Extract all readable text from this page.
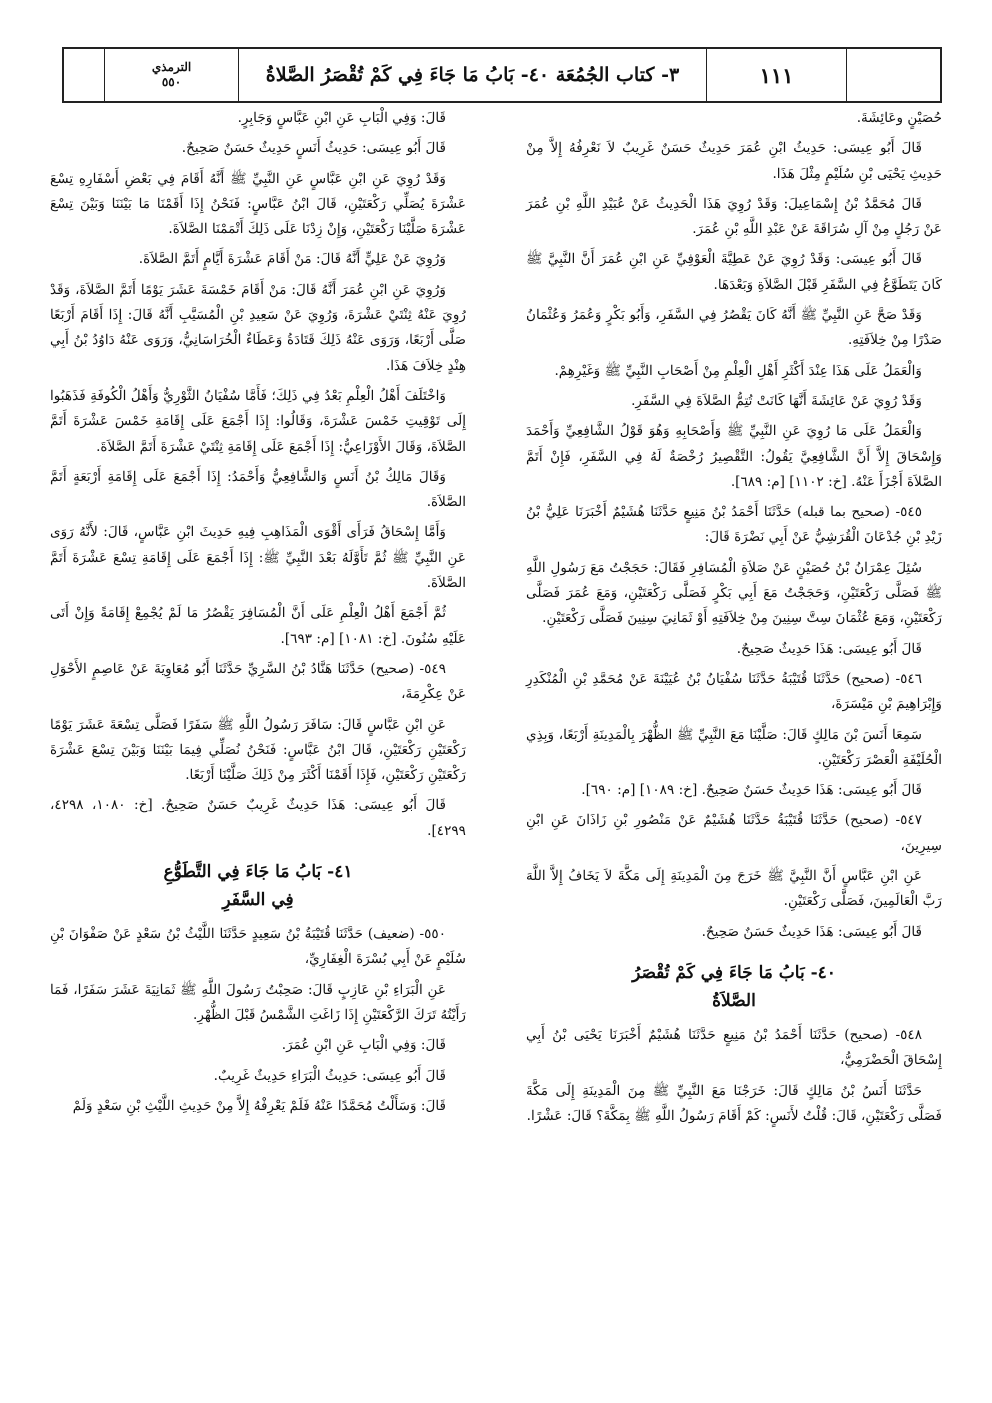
١١١
٣- كتاب الجُمُعَة ٤٠- بَابُ مَا جَاءَ فِي كَمْ تُقْصَرُ الصَّلاةُ
الترمذي
٥٥٠

حُصَيْنٍ وعَائِشَةَ.

قَالَ أَبُو عِيسَى: حَدِيثُ ابْنِ عُمَرَ حَدِيثٌ حَسَنٌ غَرِيبٌ لاَ نَعْرِفُهُ إِلاَّ مِنْ حَدِيثِ يَحْيَى بْنِ سُلَيْمٍ مِثْلَ هَذَا.

قَالَ مُحَمَّدُ بْنُ إِسْمَاعِيلَ: وَقَدْ رُوِيَ هَذَا الْحَدِيثُ عَنْ عُبَيْدِ اللَّهِ بْنِ عُمَرَ عَنْ رَجُلٍ مِنْ آلِ سُرَاقَةَ عَنْ عَبْدِ اللَّهِ بْنِ عُمَرَ.

قَالَ أَبُو عِيسَى: وَقَدْ رُوِيَ عَنْ عَطِيَّةَ الْعَوْفِيِّ عَنِ ابْنِ عُمَرَ أَنَّ النَّبِيَّ ﷺ كَانَ يَتَطَوَّعُ فِي السَّفَرِ قَبْلَ الصَّلاَةِ وَبَعْدَهَا.

وَقَدْ صَحَّ عَنِ النَّبِيِّ ﷺ أَنَّهُ كَانَ يَقْصُرُ فِي السَّفَرِ، وَأَبُو بَكْرٍ وَعُمَرُ وَعُثْمَانُ صَدْرًا مِنْ خِلاَفَتِهِ.

وَالْعَمَلُ عَلَى هَذَا عِنْدَ أَكْثَرِ أَهْلِ الْعِلْمِ مِنْ أَصْحَابِ النَّبِيِّ ﷺ وَغَيْرِهِمْ.

وَقَدْ رُوِيَ عَنْ عَائِشَةَ أَنَّهَا كَانَتْ تُتِمُّ الصَّلاَةَ فِي السَّفَرِ.

وَالْعَمَلُ عَلَى مَا رُوِيَ عَنِ النَّبِيِّ ﷺ وَأَصْحَابِهِ وَهُوَ قَوْلُ الشَّافِعِيِّ وَأَحْمَدَ وَإِسْحَاقَ إِلاَّ أَنَّ الشَّافِعِيَّ يَقُولُ: التَّقْصِيرُ رُخْصَةٌ لَهُ فِي السَّفَرِ، فَإِنْ أَتَمَّ الصَّلاَةَ أَجْزَأَ عَنْهُ. [خ: ١١٠٢] [م: ٦٨٩].

٥٤٥- (صحيح بما قبله) حَدَّثَنَا أَحْمَدُ بْنُ مَنِيعٍ حَدَّثَنَا هُشَيْمٌ أَخْبَرَنَا عَلِيُّ بْنُ زَيْدِ بْنِ جُدْعَانَ الْقُرَشِيُّ عَنْ أَبِي نَضْرَةَ قَالَ:

سُئِلَ عِمْرَانُ بْنُ حُصَيْنٍ عَنْ صَلاَةِ الْمُسَافِرِ فَقَالَ: حَجَجْتُ مَعَ رَسُولِ اللَّهِ ﷺ فَصَلَّى رَكْعَتَيْنِ، وَحَجَجْتُ مَعَ أَبِي بَكْرٍ فَصَلَّى رَكْعَتَيْنِ، وَمَعَ عُمَرَ فَصَلَّى رَكْعَتَيْنِ، وَمَعَ عُثْمَانَ سِتَّ سِنِينَ مِنْ خِلاَفَتِهِ أَوْ ثَمَانِيَ سِنِينَ فَصَلَّى رَكْعَتَيْنِ.

قَالَ أَبُو عِيسَى: هَذَا حَدِيثٌ صَحِيحٌ.

٥٤٦- (صحيح) حَدَّثَنَا قُتَيْبَةُ حَدَّثَنَا سُفْيَانُ بْنُ عُيَيْنَةَ عَنْ مُحَمَّدِ بْنِ الْمُنْكَدِرِ وَإِبْرَاهِيمَ بْنِ مَيْسَرَةَ،

سَمِعَا أَنَسَ بْنَ مَالِكٍ قَالَ: صَلَّيْنَا مَعَ النَّبِيِّ ﷺ الظُّهْرَ بِالْمَدِينَةِ أَرْبَعًا، وَبِذِي الْحُلَيْفَةِ الْعَصْرَ رَكْعَتَيْنِ.

قَالَ أَبُو عِيسَى: هَذَا حَدِيثٌ حَسَنٌ صَحِيحٌ. [خ: ١٠٨٩] [م: ٦٩٠].

٥٤٧- (صحيح) حَدَّثَنَا قُتَيْبَةُ حَدَّثَنَا هُشَيْمٌ عَنْ مَنْصُورِ بْنِ زَاذَانَ عَنِ ابْنِ سِيرِينَ،

عَنِ ابْنِ عَبَّاسٍ أَنَّ النَّبِيَّ ﷺ خَرَجَ مِنَ الْمَدِينَةِ إِلَى مَكَّةَ لاَ يَخَافُ إِلاَّ اللَّهَ رَبَّ الْعَالَمِينَ، فَصَلَّى رَكْعَتَيْنِ.

قَالَ أَبُو عِيسَى: هَذَا حَدِيثٌ حَسَنٌ صَحِيحٌ.

٤٠- بَابُ مَا جَاءَ فِي كَمْ تُقْصَرُ
الصَّلاَةُ

٥٤٨- (صحيح) حَدَّثَنَا أَحْمَدُ بْنُ مَنِيعٍ حَدَّثَنَا هُشَيْمٌ أَخْبَرَنَا يَحْيَى بْنُ أَبِي إِسْحَاقَ الْحَضْرَمِيُّ،

حَدَّثَنَا أَنَسُ بْنُ مَالِكٍ قَالَ: خَرَجْنَا مَعَ النَّبِيِّ ﷺ مِنَ الْمَدِينَةِ إِلَى مَكَّةَ فَصَلَّى رَكْعَتَيْنِ، قَالَ: قُلْتُ لأَنَسٍ: كَمْ أَقَامَ رَسُولُ اللَّهِ ﷺ بِمَكَّةَ؟ قَالَ: عَشْرًا.

قَالَ: وَفِي الْبَابِ عَنِ ابْنِ عَبَّاسٍ وَجَابِرٍ.

قَالَ أَبُو عِيسَى: حَدِيثُ أَنَسٍ حَدِيثٌ حَسَنٌ صَحِيحٌ.

وَقَدْ رُوِيَ عَنِ ابْنِ عَبَّاسٍ عَنِ النَّبِيِّ ﷺ أَنَّهُ أَقَامَ فِي بَعْضِ أَسْفَارِهِ تِسْعَ عَشْرَةَ يُصَلِّي رَكْعَتَيْنِ، قَالَ ابْنُ عَبَّاسٍ: فَنَحْنُ إِذَا أَقَمْنَا مَا بَيْنَنَا وَبَيْنَ تِسْعَ عَشْرَةَ صَلَّيْنَا رَكْعَتَيْنِ، وَإِنْ زِدْنَا عَلَى ذَلِكَ أَتْمَمْنَا الصَّلاَةَ.

وَرُوِيَ عَنْ عَلِيٍّ أَنَّهُ قَالَ: مَنْ أَقَامَ عَشْرَةَ أَيَّامٍ أَتَمَّ الصَّلاَةَ.

وَرُوِيَ عَنِ ابْنِ عُمَرَ أَنَّهُ قَالَ: مَنْ أَقَامَ خَمْسَةَ عَشَرَ يَوْمًا أَتَمَّ الصَّلاَةَ، وَقَدْ رُوِيَ عَنْهُ ثِنْتَيْ عَشْرَةَ، وَرُوِيَ عَنْ سَعِيدِ بْنِ الْمُسَيَّبِ أَنَّهُ قَالَ: إِذَا أَقَامَ أَرْبَعًا صَلَّى أَرْبَعًا، وَرَوَى عَنْهُ ذَلِكَ قَتَادَةُ وَعَطَاءٌ الْخُرَاسَانِيُّ، وَرَوَى عَنْهُ دَاوُدُ بْنُ أَبِي هِنْدٍ خِلاَفَ هَذَا.

وَاخْتَلَفَ أَهْلُ الْعِلْمِ بَعْدُ فِي ذَلِكَ؛ فَأَمَّا سُفْيَانُ الثَّوْرِيُّ وَأَهْلُ الْكُوفَةِ فَذَهَبُوا إِلَى تَوْقِيتِ خَمْسَ عَشْرَةَ، وَقَالُوا: إِذَا أَجْمَعَ عَلَى إِقَامَةِ خَمْسَ عَشْرَةَ أَتَمَّ الصَّلاَةَ، وَقَالَ الأَوْزَاعِيُّ: إِذَا أَجْمَعَ عَلَى إِقَامَةِ ثِنْتَيْ عَشْرَةَ أَتَمَّ الصَّلاَةَ.

وَقَالَ مَالِكُ بْنُ أَنَسٍ وَالشَّافِعِيُّ وَأَحْمَدُ: إِذَا أَجْمَعَ عَلَى إِقَامَةِ أَرْبَعَةٍ أَتَمَّ الصَّلاَةَ.

وَأَمَّا إِسْحَاقُ فَرَأَى أَقْوَى الْمَذَاهِبِ فِيهِ حَدِيثَ ابْنِ عَبَّاسٍ، قَالَ: لأَنَّهُ رَوَى عَنِ النَّبِيِّ ﷺ ثُمَّ تَأَوَّلَهُ بَعْدَ النَّبِيِّ ﷺ: إِذَا أَجْمَعَ عَلَى إِقَامَةِ تِسْعَ عَشْرَةَ أَتَمَّ الصَّلاَةَ.

ثُمَّ أَجْمَعَ أَهْلُ الْعِلْمِ عَلَى أَنَّ الْمُسَافِرَ يَقْصُرُ مَا لَمْ يُجْمِعْ إِقَامَةً وَإِنْ أَتَى عَلَيْهِ سُنُونَ. [خ: ١٠٨١] [م: ٦٩٣].

٥٤٩- (صحيح) حَدَّثَنَا هَنَّادُ بْنُ السَّرِيِّ حَدَّثَنَا أَبُو مُعَاوِيَةَ عَنْ عَاصِمٍ الأَحْوَلِ عَنْ عِكْرِمَةَ،

عَنِ ابْنِ عَبَّاسٍ قَالَ: سَافَرَ رَسُولُ اللَّهِ ﷺ سَفَرًا فَصَلَّى تِسْعَةَ عَشَرَ يَوْمًا رَكْعَتَيْنِ رَكْعَتَيْنِ، قَالَ ابْنُ عَبَّاسٍ: فَنَحْنُ نُصَلِّي فِيمَا بَيْنَنَا وَبَيْنَ تِسْعَ عَشْرَةَ رَكْعَتَيْنِ رَكْعَتَيْنِ، فَإِذَا أَقَمْنَا أَكْثَرَ مِنْ ذَلِكَ صَلَّيْنَا أَرْبَعًا.

قَالَ أَبُو عِيسَى: هَذَا حَدِيثٌ غَرِيبٌ حَسَنٌ صَحِيحٌ. [خ: ١٠٨٠، ٤٢٩٨، ٤٢٩٩].

٤١- بَابُ مَا جَاءَ فِي التَّطَوُّعِ
فِي السَّفَرِ

٥٥٠- (ضعيف) حَدَّثَنَا قُتَيْبَةُ بْنُ سَعِيدٍ حَدَّثَنَا اللَّيْثُ بْنُ سَعْدٍ عَنْ صَفْوَانَ بْنِ سُلَيْمٍ عَنْ أَبِي بُسْرَةَ الْغِفَارِيِّ،

عَنِ الْبَرَاءِ بْنِ عَازِبٍ قَالَ: صَحِبْتُ رَسُولَ اللَّهِ ﷺ ثَمَانِيَةَ عَشَرَ سَفَرًا، فَمَا رَأَيْتُهُ تَرَكَ الرَّكْعَتَيْنِ إِذَا زَاغَتِ الشَّمْسُ قَبْلَ الظُّهْرِ.

قَالَ: وَفِي الْبَابِ عَنِ ابْنِ عُمَرَ.

قَالَ أَبُو عِيسَى: حَدِيثُ الْبَرَاءِ حَدِيثٌ غَرِيبٌ.

قَالَ: وَسَأَلْتُ مُحَمَّدًا عَنْهُ فَلَمْ يَعْرِفْهُ إِلاَّ مِنْ حَدِيثِ اللَّيْثِ بْنِ سَعْدٍ وَلَمْ
